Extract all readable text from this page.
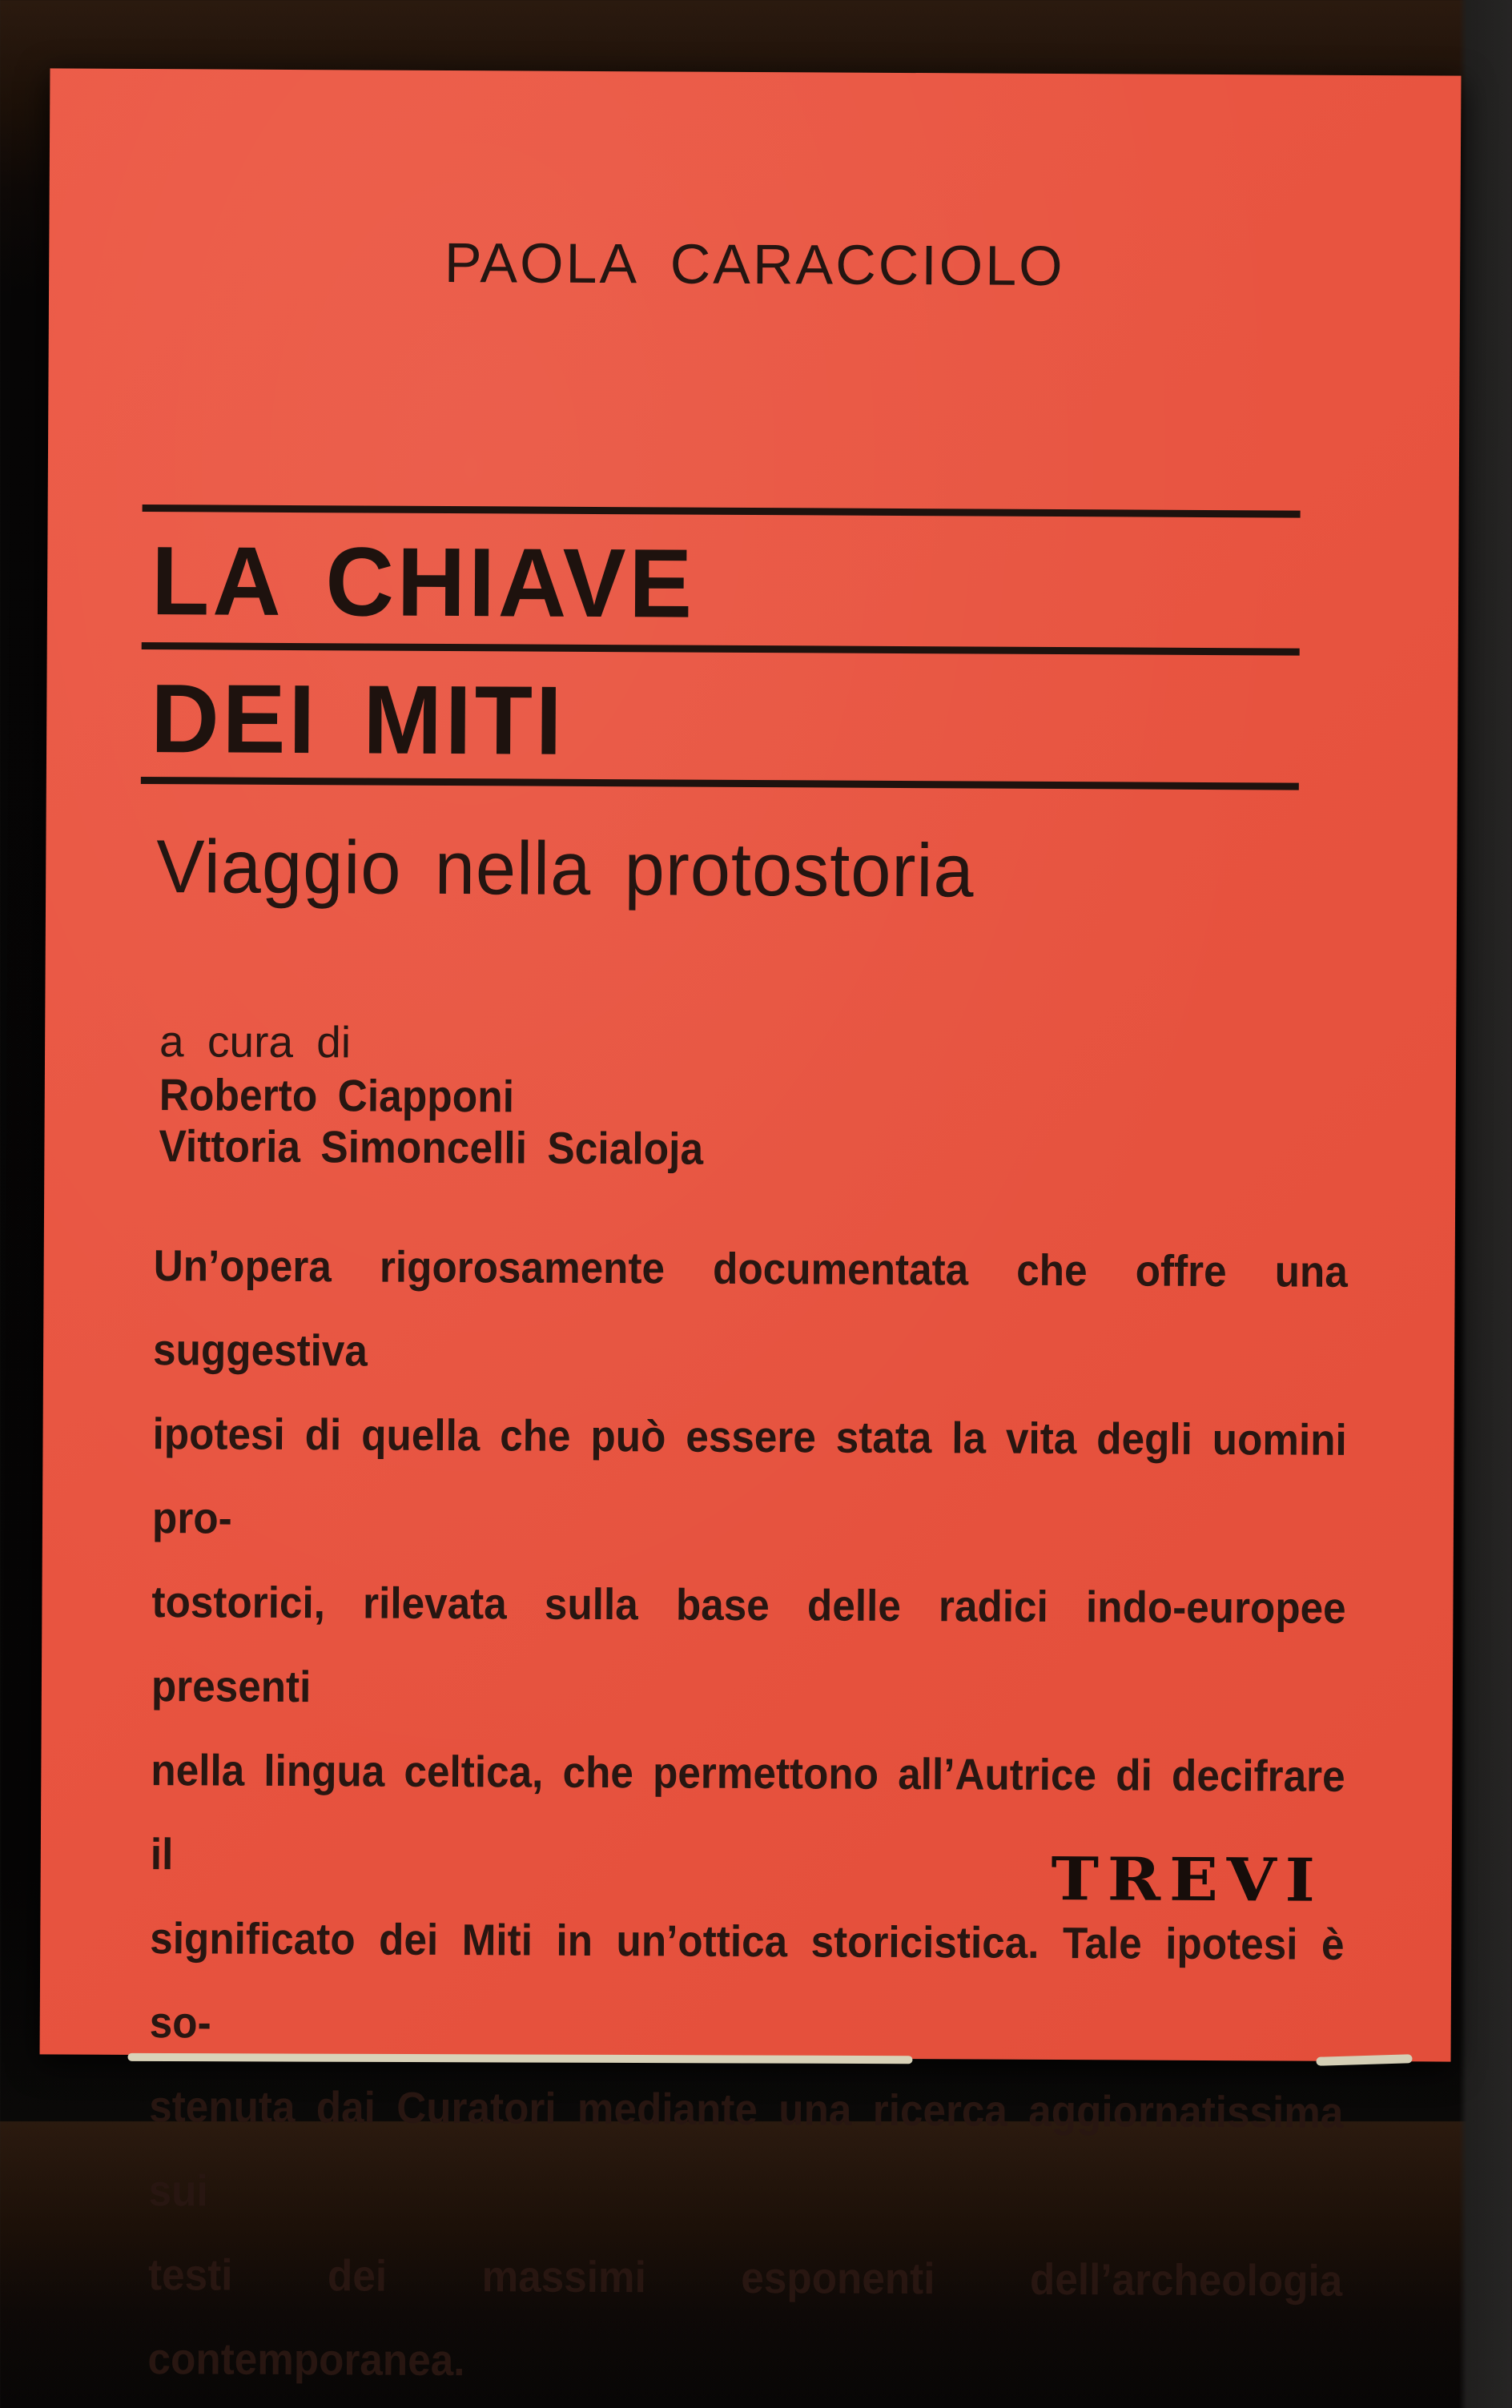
PAOLA CARACCIOLO
LA CHIAVE
DEI MITI
Viaggio nella protostoria
a cura di
Roberto Ciapponi
Vittoria Simoncelli Scialoja
Un’opera rigorosamente documentata che offre una suggestiva
ipotesi di quella che può essere stata la vita degli uomini pro-
tostorici, rilevata sulla base delle radici indo-europee presenti
nella lingua celtica, che permettono all’Autrice di decifrare il
significato dei Miti in un’ottica storicistica. Tale ipotesi è so-
stenuta dai Curatori mediante una ricerca aggiornatissima sui
testi dei massimi esponenti dell’archeologia contemporanea.
TREVI
